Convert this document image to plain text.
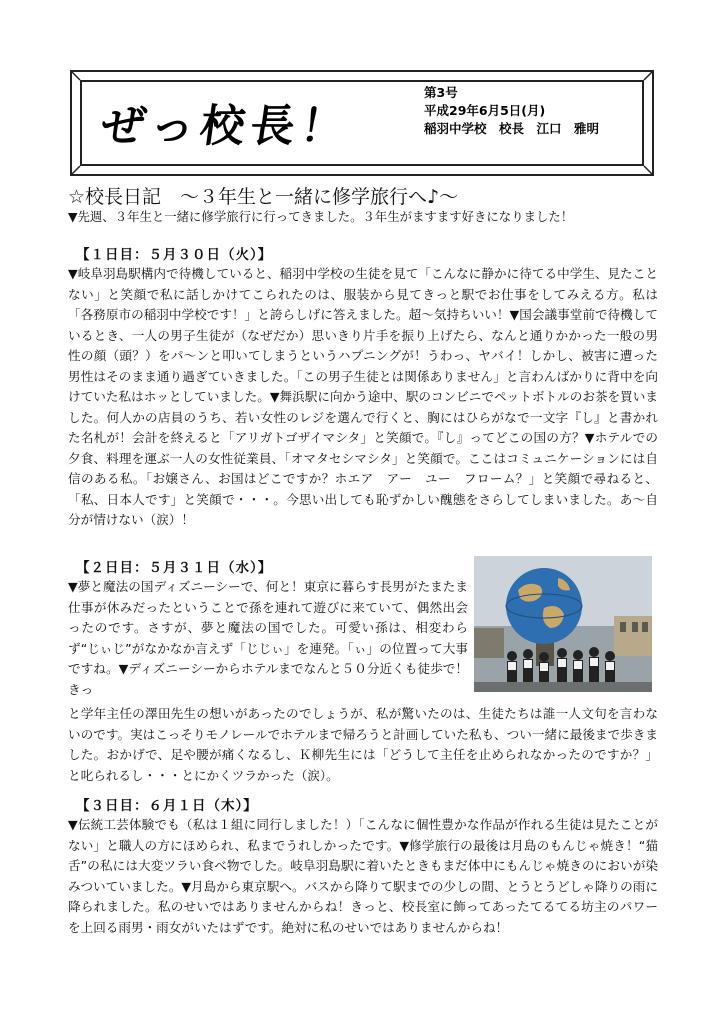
ぜっ校長！
第3号
平成29年6月5日(月)
稲羽中学校　校長　江口　雅明
☆校長日記　～３年生と一緒に修学旅行へ♪～
▼先週、３年生と一緒に修学旅行に行ってきました。３年生がますます好きになりました！
【１日目：５月３０日（火）】
▼岐阜羽島駅構内で待機していると、稲羽中学校の生徒を見て「こんなに静かに待てる中学生、見たことない」と笑顔で私に話しかけてこられたのは、服装から見てきっと駅でお仕事をしてみえる方。私は「各務原市の稲羽中学校です！」と誇らしげに答えました。超～気持ちいい！▼国会議事堂前で待機しているとき、一人の男子生徒が（なぜだか）思いきり片手を振り上げたら、なんと通りかかった一般の男性の顔（頭？）をパ～ンと叩いてしまうというハプニングが！うわっ、ヤバイ！しかし、被害に遭った男性はそのまま通り過ぎていきました。「この男子生徒とは関係ありません」と言わんばかりに背中を向けていた私はホッとしていました。▼舞浜駅に向かう途中、駅のコンビニでペットボトルのお茶を買いました。何人かの店員のうち、若い女性のレジを選んで行くと、胸にはひらがなで一文字『し』と書かれた名札が！会計を終えると「アリガトゴザイマシタ」と笑顔で。『し』ってどこの国の方？▼ホテルでの夕食、料理を運ぶ一人の女性従業員、「オマタセシマシタ」と笑顔で。ここはコミュニケーションには自信のある私。「お嬢さん、お国はどこですか？ホエア　アー　ユー　フローム？」と笑顔で尋ねると、「私、日本人です」と笑顔で・・・。今思い出しても恥ずかしい醜態をさらしてしまいました。あ～自分が情けない（涙）！
【２日目：５月３１日（水）】
▼夢と魔法の国ディズニーシーで、何と！東京に暮らす長男がたまたま仕事が休みだったということで孫を連れて遊びに来ていて、偶然出会ったのです。さすが、夢と魔法の国でした。可愛い孫は、相変わらず“じぃじ”がなかなか言えず「じじぃ」を連発。「ぃ」の位置って大事ですね。▼ディズニーシーからホテルまでなんと５０分近くも徒歩で！きっ
と学年主任の澤田先生の想いがあったのでしょうが、私が驚いたのは、生徒たちは誰一人文句を言わないのです。実はこっそりモノレールでホテルまで帰ろうと計画していた私も、つい一緒に最後まで歩きました。おかげで、足や腰が痛くなるし、Ｋ柳先生には「どうして主任を止められなかったのですか？」と叱られるし・・・とにかくツラかった（涙）。
【３日目：６月１日（木）】
▼伝統工芸体験でも（私は１組に同行しました！）「こんなに個性豊かな作品が作れる生徒は見たことがない」と職人の方にほめられ、私までうれしかったです。▼修学旅行の最後は月島のもんじゃ焼き！“猫舌”の私には大変ツラい食べ物でした。岐阜羽島駅に着いたときもまだ体中にもんじゃ焼きのにおいが染みついていました。▼月島から東京駅へ。バスから降りて駅までの少しの間、とうとうどしゃ降りの雨に降られました。私のせいではありませんからね！きっと、校長室に飾ってあったてるてる坊主のパワーを上回る雨男・雨女がいたはずです。絶対に私のせいではありませんからね！
